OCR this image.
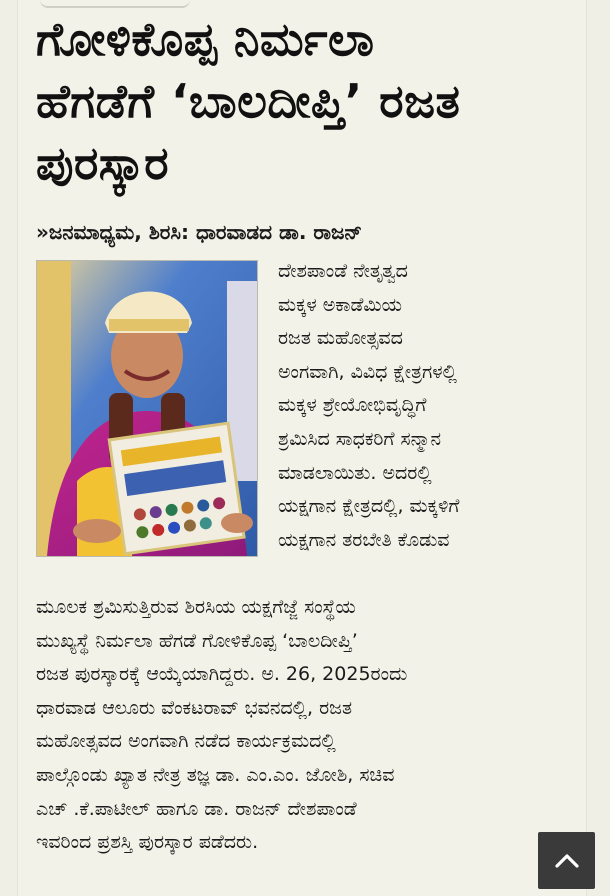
ಗೋಳಿಕೊಪ್ಪ ನಿರ್ಮಲಾ
ಹೆಗಡೆಗೆ ‘ಬಾಲದೀಪ್ತಿ’ ರಜತ
ಪುರಸ್ಕಾರ

»ಜನಮಾಧ್ಯಮ, ಶಿರಸಿ: ಧಾರವಾಡದ ಡಾ. ರಾಜನ್

ದೇಶಪಾಂಡೆ ನೇತೃತ್ವದ
ಮಕ್ಕಳ ಅಕಾಡೆಮಿಯ
ರಜತ ಮಹೋತ್ಸವದ
ಅಂಗವಾಗಿ, ವಿವಿಧ ಕ್ಷೇತ್ರಗಳಲ್ಲಿ
ಮಕ್ಕಳ ಶ್ರೇಯೋಭಿವೃದ್ಧಿಗೆ
ಶ್ರಮಿಸಿದ ಸಾಧಕರಿಗೆ ಸನ್ಮಾನ
ಮಾಡಲಾಯಿತು. ಅದರಲ್ಲಿ
ಯಕ್ಷಗಾನ ಕ್ಷೇತ್ರದಲ್ಲಿ, ಮಕ್ಕಳಿಗೆ
ಯಕ್ಷಗಾನ ತರಬೇತಿ ಕೊಡುವ
ಮೂಲಕ ಶ್ರಮಿಸುತ್ತಿರುವ ಶಿರಸಿಯ ಯಕ್ಷಗೆಜ್ಜೆ ಸಂಸ್ಥೆಯ
ಮುಖ್ಯಸ್ಥೆ ನಿರ್ಮಲಾ ಹೆಗಡೆ ಗೋಳಿಕೊಪ್ಪ ‘ಬಾಲದೀಪ್ತಿ’
ರಜತ ಪುರಸ್ಕಾರಕ್ಕೆ ಆಯ್ಕೆಯಾಗಿದ್ದರು. ಅ. 26, 2025ರಂದು
ಧಾರವಾಡ ಆಲೂರು ವೆಂಕಟರಾವ್ ಭವನದಲ್ಲಿ, ರಜತ
ಮಹೋತ್ಸವದ ಅಂಗವಾಗಿ ನಡೆದ ಕಾರ್ಯಕ್ರಮದಲ್ಲಿ
ಪಾಲ್ಗೊಂಡು ಖ್ಯಾತ ನೇತ್ರ ತಜ್ಞ ಡಾ. ಎಂ.ಎಂ. ಜೋಶಿ, ಸಚಿವ
ಎಚ್ .ಕೆ.ಪಾಟೀಲ್ ಹಾಗೂ ಡಾ. ರಾಜನ್ ದೇಶಪಾಂಡೆ
ಇವರಿಂದ ಪ್ರಶಸ್ತಿ ಪುರಸ್ಕಾರ ಪಡೆದರು.
